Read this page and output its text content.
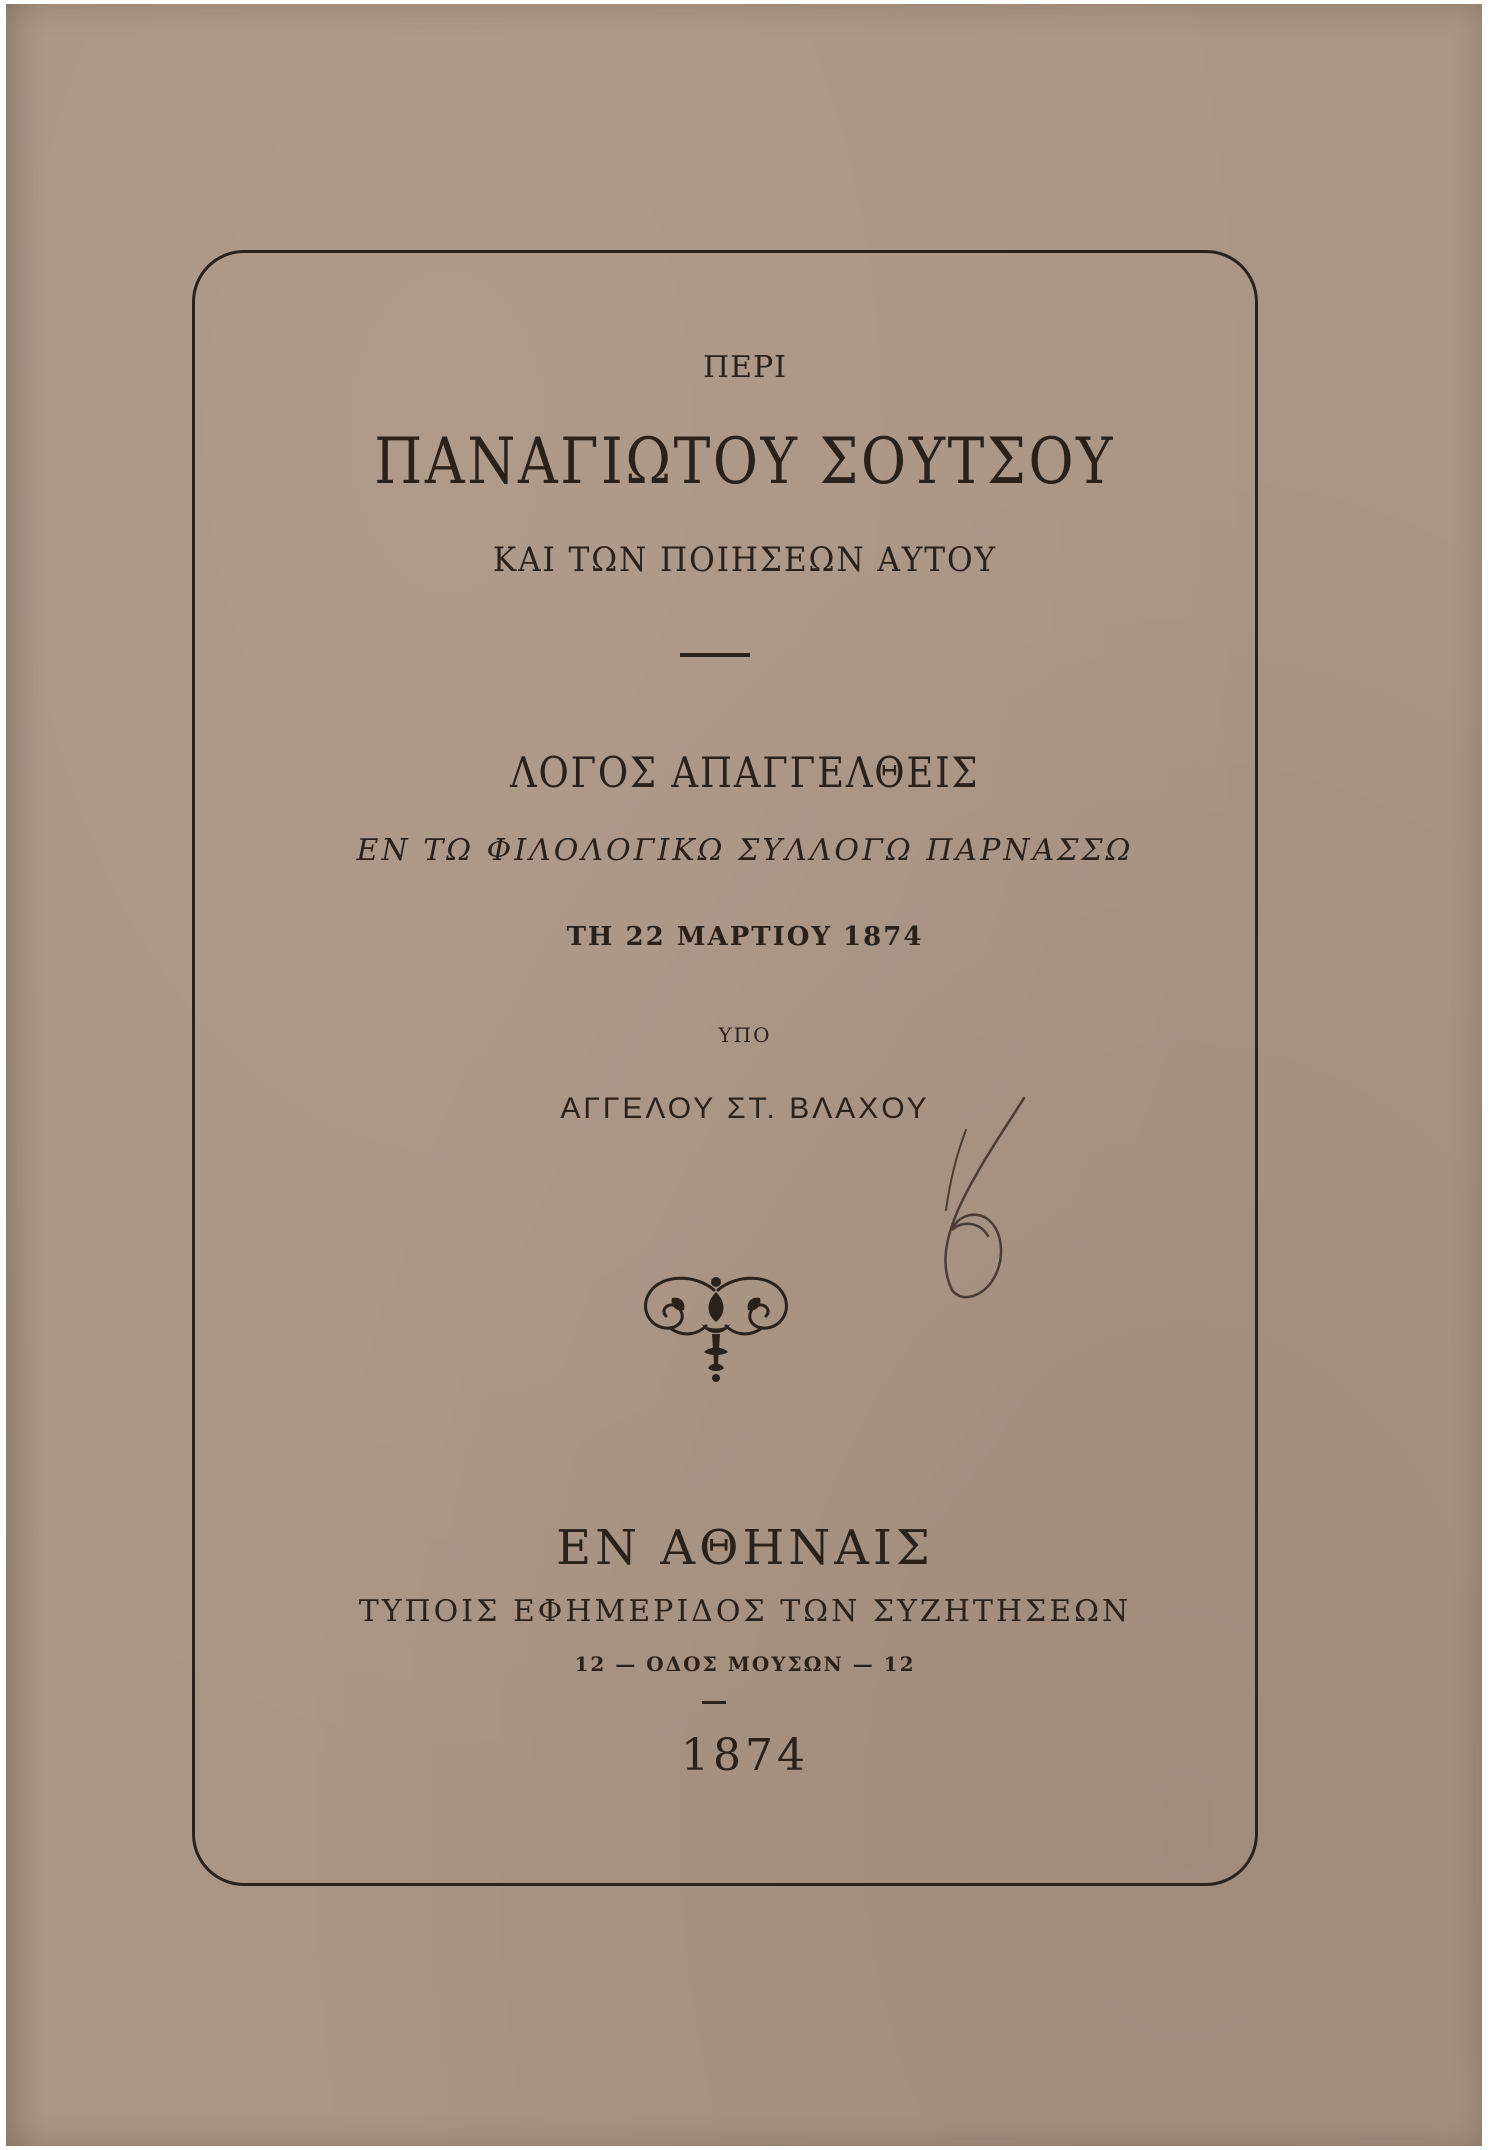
ΠΕΡΙ
ΠΑΝΑΓΙΩΤΟΥ ΣΟΥΤΣΟΥ
ΚΑΙ ΤΩΝ ΠΟΙΗΣΕΩΝ ΑΥΤΟΥ
ΛΟΓΟΣ ΑΠΑΓΓΕΛΘΕΙΣ
ΕΝ ΤΩ ΦΙΛΟΛΟΓΙΚΩ ΣΥΛΛΟΓΩ ΠΑΡΝΑΣΣΩ
ΤΗ 22 ΜΑΡΤΙΟΥ 1874
ΥΠΟ
ΑΓΓΕΛΟΥ ΣΤ. ΒΛΑΧΟΥ
ΕΝ ΑΘΗΝΑΙΣ
ΤΥΠΟΙΣ ΕΦΗΜΕΡΙΔΟΣ ΤΩΝ ΣΥΖΗΤΗΣΕΩΝ
12 — ΟΔΟΣ ΜΟΥΣΩΝ — 12
1874
